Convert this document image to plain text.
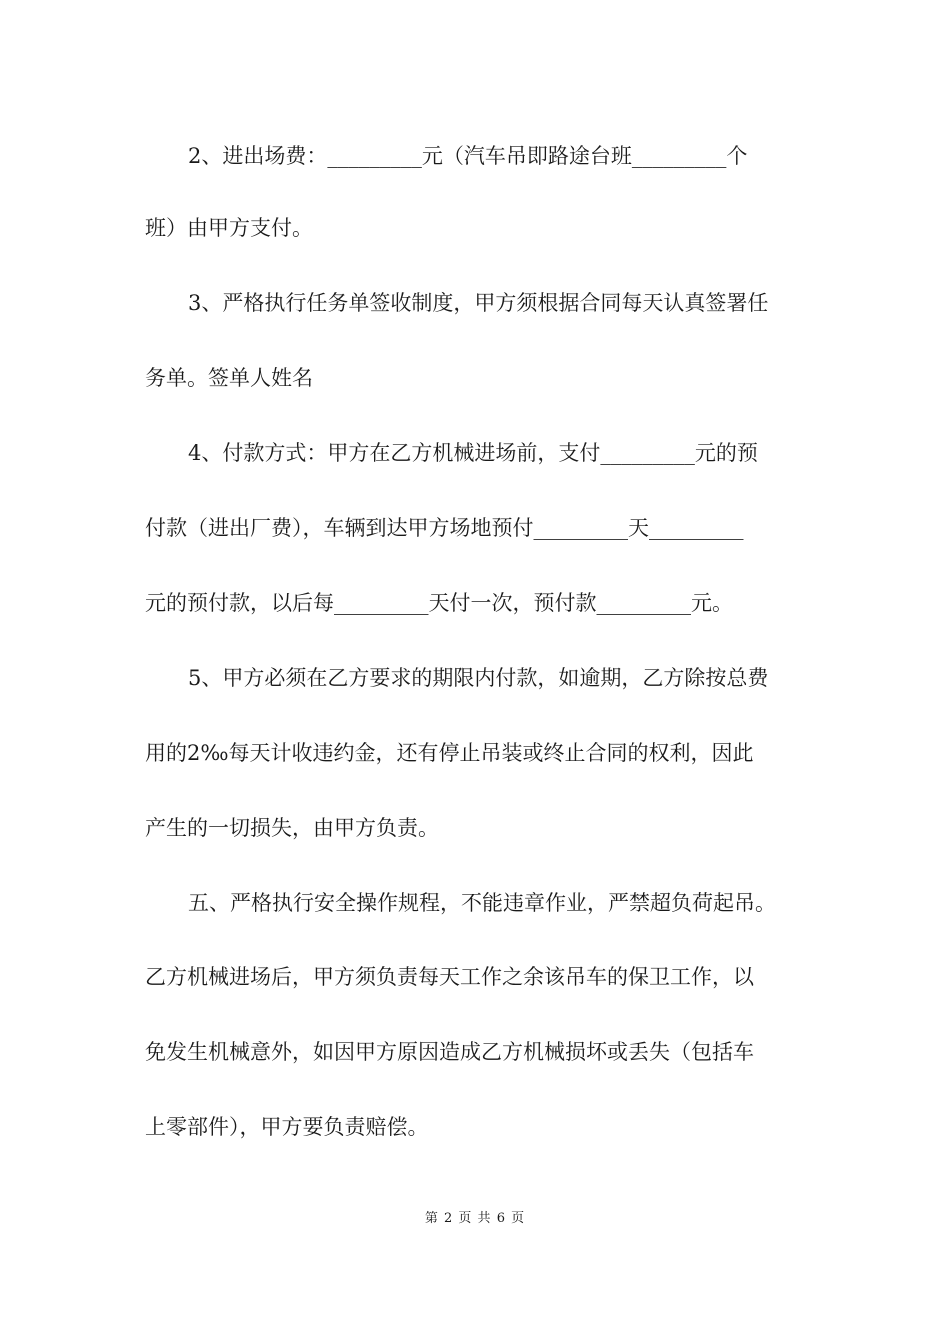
2、进出场费：_________元（汽车吊即路途台班_________个
班）由甲方支付。
3、严格执行任务单签收制度，甲方须根据合同每天认真签署任
务单。签单人姓名
4、付款方式：甲方在乙方机械进场前，支付_________元的预
付款（进出厂费），车辆到达甲方场地预付_________天_________
元的预付款，以后每_________天付一次，预付款_________元。
5、甲方必须在乙方要求的期限内付款，如逾期，乙方除按总费
用的2‰每天计收违约金，还有停止吊装或终止合同的权利，因此
产生的一切损失，由甲方负责。
五、严格执行安全操作规程，不能违章作业，严禁超负荷起吊。
乙方机械进场后，甲方须负责每天工作之余该吊车的保卫工作，以
免发生机械意外，如因甲方原因造成乙方机械损坏或丢失（包括车
上零部件），甲方要负责赔偿。
第 2 页 共 6 页
